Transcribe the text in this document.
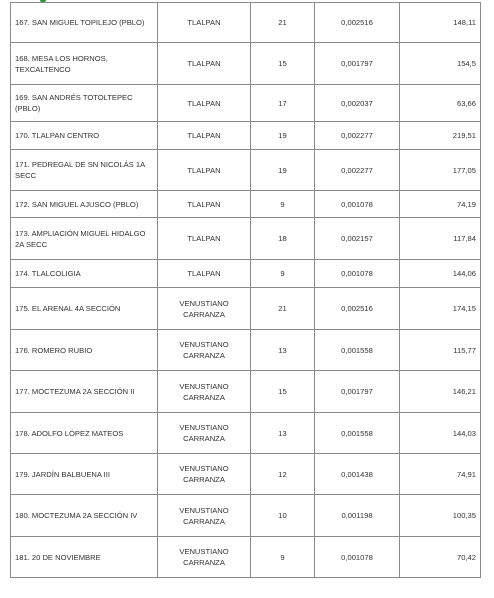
167. SAN MIGUEL TOPILEJO (PBLO)	TLALPAN	21	0,002516	148,11
168. MESA LOS HORNOS, TEXCALTENCO	TLALPAN	15	0,001797	154,5
169. SAN ANDRÉS TOTOLTEPEC (PBLO)	TLALPAN	17	0,002037	63,66
170. TLALPAN CENTRO	TLALPAN	19	0,002277	219,51
171. PEDREGAL DE SN NICOLÁS 1A SECC	TLALPAN	19	0,002277	177,05
172. SAN MIGUEL AJUSCO (PBLO)	TLALPAN	9	0,001078	74,19
173. AMPLIACIÓN MIGUEL HIDALGO 2A SECC	TLALPAN	18	0,002157	117,84
174. TLALCOLIGIA	TLALPAN	9	0,001078	144,06
175. EL ARENAL 4A SECCIÓN	VENUSTIANO CARRANZA	21	0,002516	174,15
176. ROMERO RUBIO	VENUSTIANO CARRANZA	13	0,001558	115,77
177. MOCTEZUMA 2A SECCIÓN II	VENUSTIANO CARRANZA	15	0,001797	146,21
178. ADOLFO LÓPEZ MATEOS	VENUSTIANO CARRANZA	13	0,001558	144,03
179. JARDÍN BALBUENA III	VENUSTIANO CARRANZA	12	0,001438	74,91
180. MOCTEZUMA 2A SECCIÓN IV	VENUSTIANO CARRANZA	10	0,001198	100,35
181. 20 DE NOVIEMBRE	VENUSTIANO CARRANZA	9	0,001078	70,42
